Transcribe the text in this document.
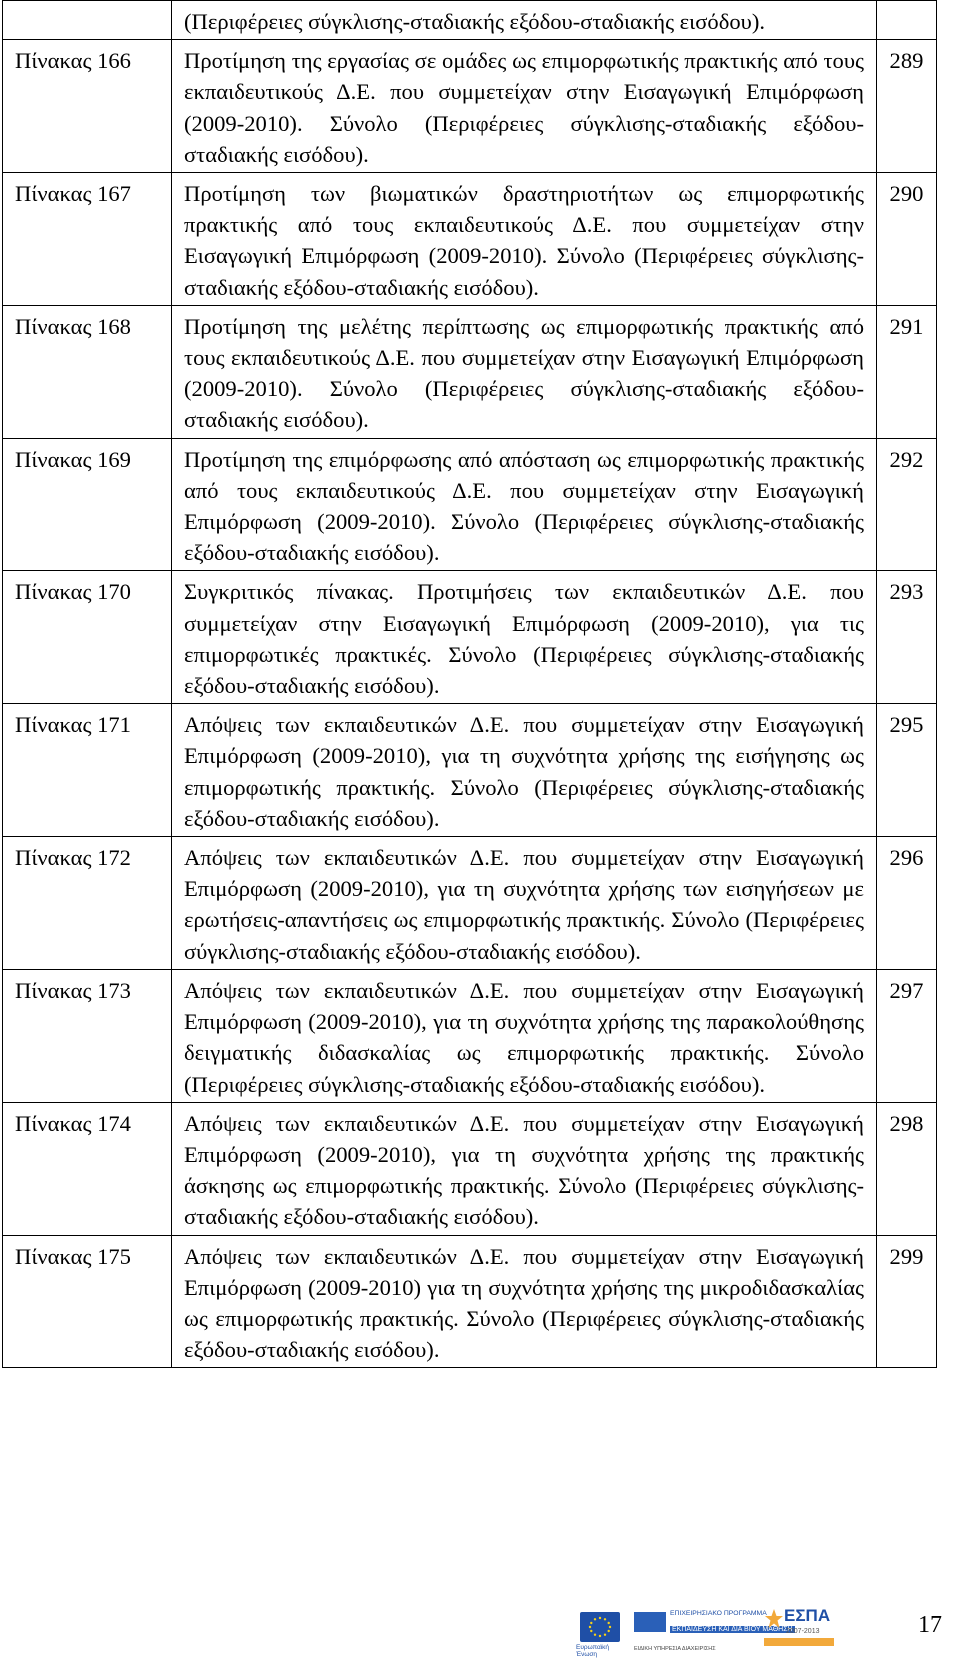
	(Περιφέρειες σύγκλισης-σταδιακής εξόδου-σταδιακής εισόδου).	
Πίνακας 166	Προτίμηση της εργασίας σε ομάδες ως επιμορφωτικής πρακτικής από τους εκπαιδευτικούς Δ.Ε. που συμμετείχαν στην Εισαγωγική Επιμόρφωση (2009-2010). Σύνολο (Περιφέρειες σύγκλισης-σταδιακής εξόδου-σταδιακής εισόδου).	289
Πίνακας 167	Προτίμηση των βιωματικών δραστηριοτήτων ως επιμορφωτικής πρακτικής από τους εκπαιδευτικούς Δ.Ε. που συμμετείχαν στην Εισαγωγική Επιμόρφωση (2009-2010). Σύνολο (Περιφέρειες σύγκλισης-σταδιακής εξόδου-σταδιακής εισόδου).	290
Πίνακας 168	Προτίμηση της μελέτης περίπτωσης ως επιμορφωτικής πρακτικής από τους εκπαιδευτικούς Δ.Ε. που συμμετείχαν στην Εισαγωγική Επιμόρφωση (2009-2010). Σύνολο (Περιφέρειες σύγκλισης-σταδιακής εξόδου-σταδιακής εισόδου).	291
Πίνακας 169	Προτίμηση της επιμόρφωσης από απόσταση ως επιμορφωτικής πρακτικής από τους εκπαιδευτικούς Δ.Ε. που συμμετείχαν στην Εισαγωγική Επιμόρφωση (2009-2010). Σύνολο (Περιφέρειες σύγκλισης-σταδιακής εξόδου-σταδιακής εισόδου).	292
Πίνακας 170	Συγκριτικός πίνακας. Προτιμήσεις των εκπαιδευτικών Δ.Ε. που συμμετείχαν στην Εισαγωγική Επιμόρφωση (2009-2010), για τις επιμορφωτικές πρακτικές. Σύνολο (Περιφέρειες σύγκλισης-σταδιακής εξόδου-σταδιακής εισόδου).	293
Πίνακας 171	Απόψεις των εκπαιδευτικών Δ.Ε. που συμμετείχαν στην Εισαγωγική Επιμόρφωση (2009-2010), για τη συχνότητα χρήσης της εισήγησης ως επιμορφωτικής πρακτικής. Σύνολο (Περιφέρειες σύγκλισης-σταδιακής εξόδου-σταδιακής εισόδου).	295
Πίνακας 172	Απόψεις των εκπαιδευτικών Δ.Ε. που συμμετείχαν στην Εισαγωγική Επιμόρφωση (2009-2010), για τη συχνότητα χρήσης των εισηγήσεων με ερωτήσεις-απαντήσεις ως επιμορφωτικής πρακτικής. Σύνολο (Περιφέρειες σύγκλισης-σταδιακής εξόδου-σταδιακής εισόδου).	296
Πίνακας 173	Απόψεις των εκπαιδευτικών Δ.Ε. που συμμετείχαν στην Εισαγωγική Επιμόρφωση (2009-2010), για τη συχνότητα χρήσης της παρακολούθησης δειγματικής διδασκαλίας ως επιμορφωτικής πρακτικής. Σύνολο (Περιφέρειες σύγκλισης-σταδιακής εξόδου-σταδιακής εισόδου).	297
Πίνακας 174	Απόψεις των εκπαιδευτικών Δ.Ε. που συμμετείχαν στην Εισαγωγική Επιμόρφωση (2009-2010), για τη συχνότητα χρήσης της πρακτικής άσκησης ως επιμορφωτικής πρακτικής. Σύνολο (Περιφέρειες σύγκλισης-σταδιακής εξόδου-σταδιακής εισόδου).	298
Πίνακας 175	Απόψεις των εκπαιδευτικών Δ.Ε. που συμμετείχαν στην Εισαγωγική Επιμόρφωση (2009-2010) για τη συχνότητα χρήσης της μικροδιδασκαλίας ως επιμορφωτικής πρακτικής. Σύνολο (Περιφέρειες σύγκλισης-σταδιακής εξόδου-σταδιακής εισόδου).	299
Ευρωπαϊκή Ένωση
ΕΠΙΧΕΙΡΗΣΙΑΚΟ ΠΡΟΓΡΑΜΜΑ
ΕΚΠΑΙΔΕΥΣΗ ΚΑΙ ΔΙΑ ΒΙΟΥ ΜΑΘΗΣΗ
ΕΙΔΙΚΗ ΥΠΗΡΕΣΙΑ ΔΙΑΧΕΙΡΙΣΗΣ
ΕΣΠΑ
2007-2013	17
